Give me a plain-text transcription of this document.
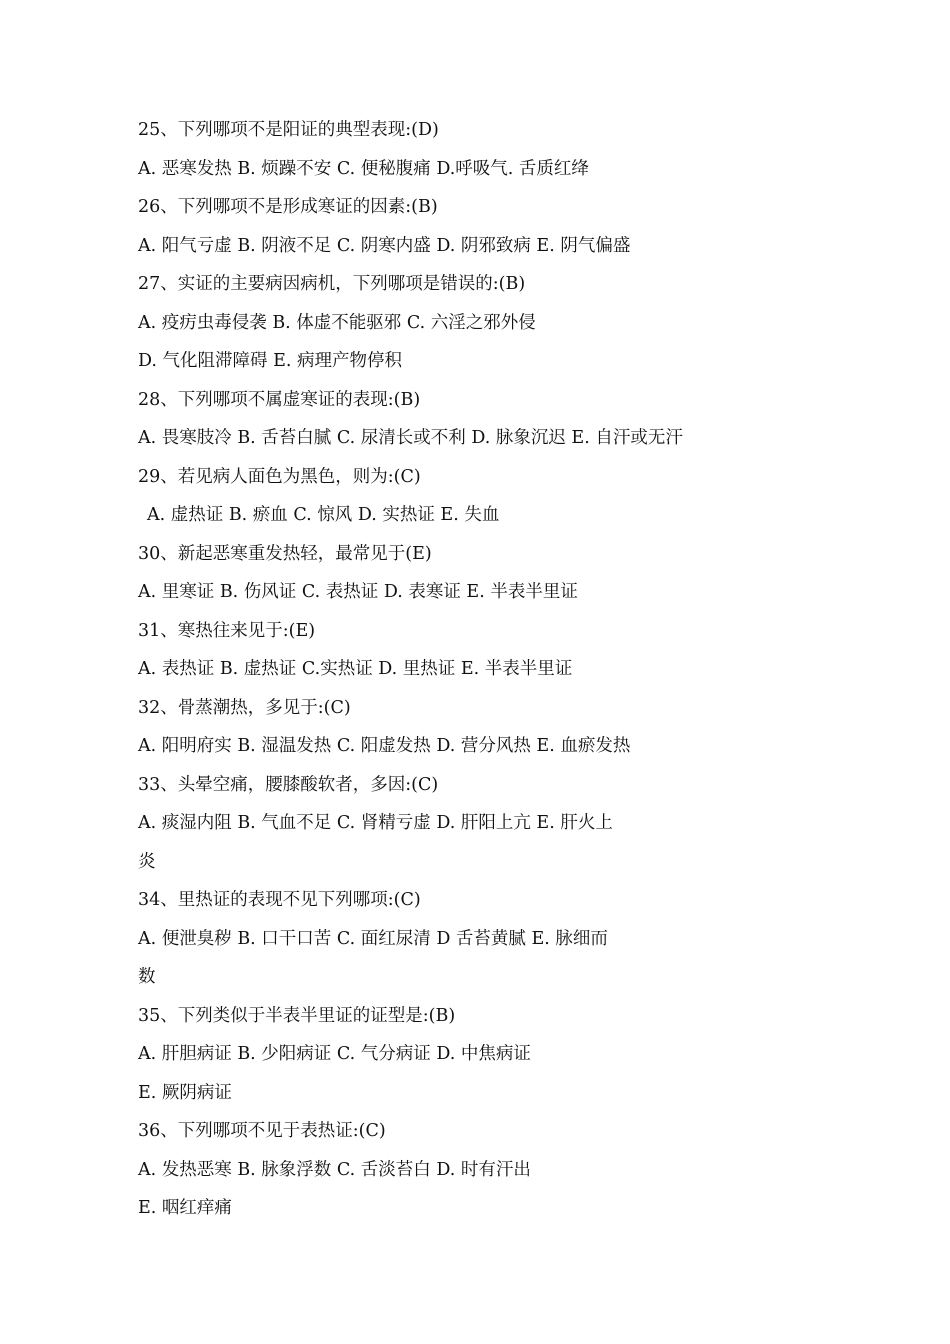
25、下列哪项不是阳证的典型表现:(D)

A. 恶寒发热 B. 烦躁不安 C. 便秘腹痛 D.呼吸气. 舌质红绛

26、下列哪项不是形成寒证的因素:(B)

A. 阳气亏虚 B. 阴液不足 C. 阴寒内盛 D. 阴邪致病 E. 阴气偏盛

27、实证的主要病因病机，下列哪项是错误的:(B)

A. 疫疠虫毒侵袭 B. 体虚不能驱邪 C. 六淫之邪外侵

D. 气化阻滞障碍 E. 病理产物停积

28、下列哪项不属虚寒证的表现:(B)

A. 畏寒肢冷 B. 舌苔白腻 C. 尿清长或不利 D. 脉象沉迟 E. 自汗或无汗

29、若见病人面色为黑色，则为:(C)

A. 虚热证 B. 瘀血 C. 惊风 D. 实热证 E. 失血

30、新起恶寒重发热轻，最常见于(E)

A. 里寒证 B. 伤风证 C. 表热证 D. 表寒证 E. 半表半里证

31、寒热往来见于:(E)

A. 表热证 B. 虚热证 C.实热证 D. 里热证 E. 半表半里证

32、骨蒸潮热，多见于:(C)

A. 阳明府实 B. 湿温发热 C. 阳虚发热 D. 营分风热 E. 血瘀发热

33、头晕空痛，腰膝酸软者，多因:(C)

A. 痰湿内阻 B. 气血不足 C. 肾精亏虚 D. 肝阳上亢 E. 肝火上

炎

34、里热证的表现不见下列哪项:(C)

A. 便泄臭秽 B. 口干口苦 C. 面红尿清 D 舌苔黄腻 E. 脉细而

数

35、下列类似于半表半里证的证型是:(B)

A. 肝胆病证 B. 少阳病证 C. 气分病证 D. 中焦病证

E. 厥阴病证

36、下列哪项不见于表热证:(C)

A. 发热恶寒 B. 脉象浮数 C. 舌淡苔白 D. 时有汗出

E. 咽红痒痛
